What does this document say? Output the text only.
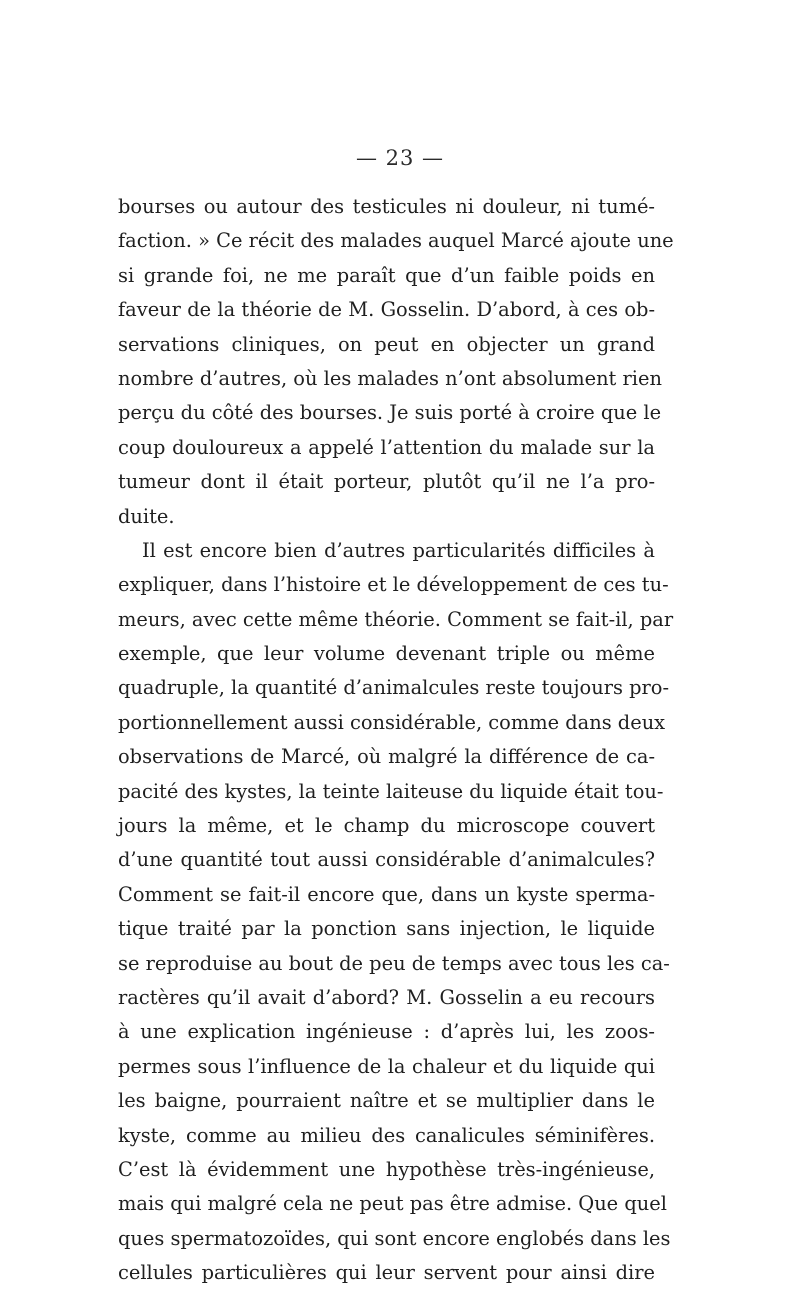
— 23 —
bourses ou autour des testicules ni douleur, ni tumé-
faction. » Ce récit des malades auquel Marcé ajoute une
si grande foi, ne me paraît que d’un faible poids en
faveur de la théorie de M. Gosselin. D’abord, à ces ob-
servations cliniques, on peut en objecter un grand
nombre d’autres, où les malades n’ont absolument rien
perçu du côté des bourses. Je suis porté à croire que le
coup douloureux a appelé l’attention du malade sur la
tumeur dont il était porteur, plutôt qu’il ne l’a pro-
duite.
Il est encore bien d’autres particularités difficiles à
expliquer, dans l’histoire et le développement de ces tu-
meurs, avec cette même théorie. Comment se fait-il, par
exemple, que leur volume devenant triple ou même
quadruple, la quantité d’animalcules reste toujours pro-
portionnellement aussi considérable, comme dans deux
observations de Marcé, où malgré la différence de ca-
pacité des kystes, la teinte laiteuse du liquide était tou-
jours la même, et le champ du microscope couvert
d’une quantité tout aussi considérable d’animalcules?
Comment se fait-il encore que, dans un kyste sperma-
tique traité par la ponction sans injection, le liquide
se reproduise au bout de peu de temps avec tous les ca-
ractères qu’il avait d’abord? M. Gosselin a eu recours
à une explication ingénieuse : d’après lui, les zoos-
permes sous l’influence de la chaleur et du liquide qui
les baigne, pourraient naître et se multiplier dans le
kyste, comme au milieu des canalicules séminifères.
C’est là évidemment une hypothèse très-ingénieuse,
mais qui malgré cela ne peut pas être admise. Que quel
ques spermatozoïdes, qui sont encore englobés dans les
cellules particulières qui leur servent pour ainsi dire
